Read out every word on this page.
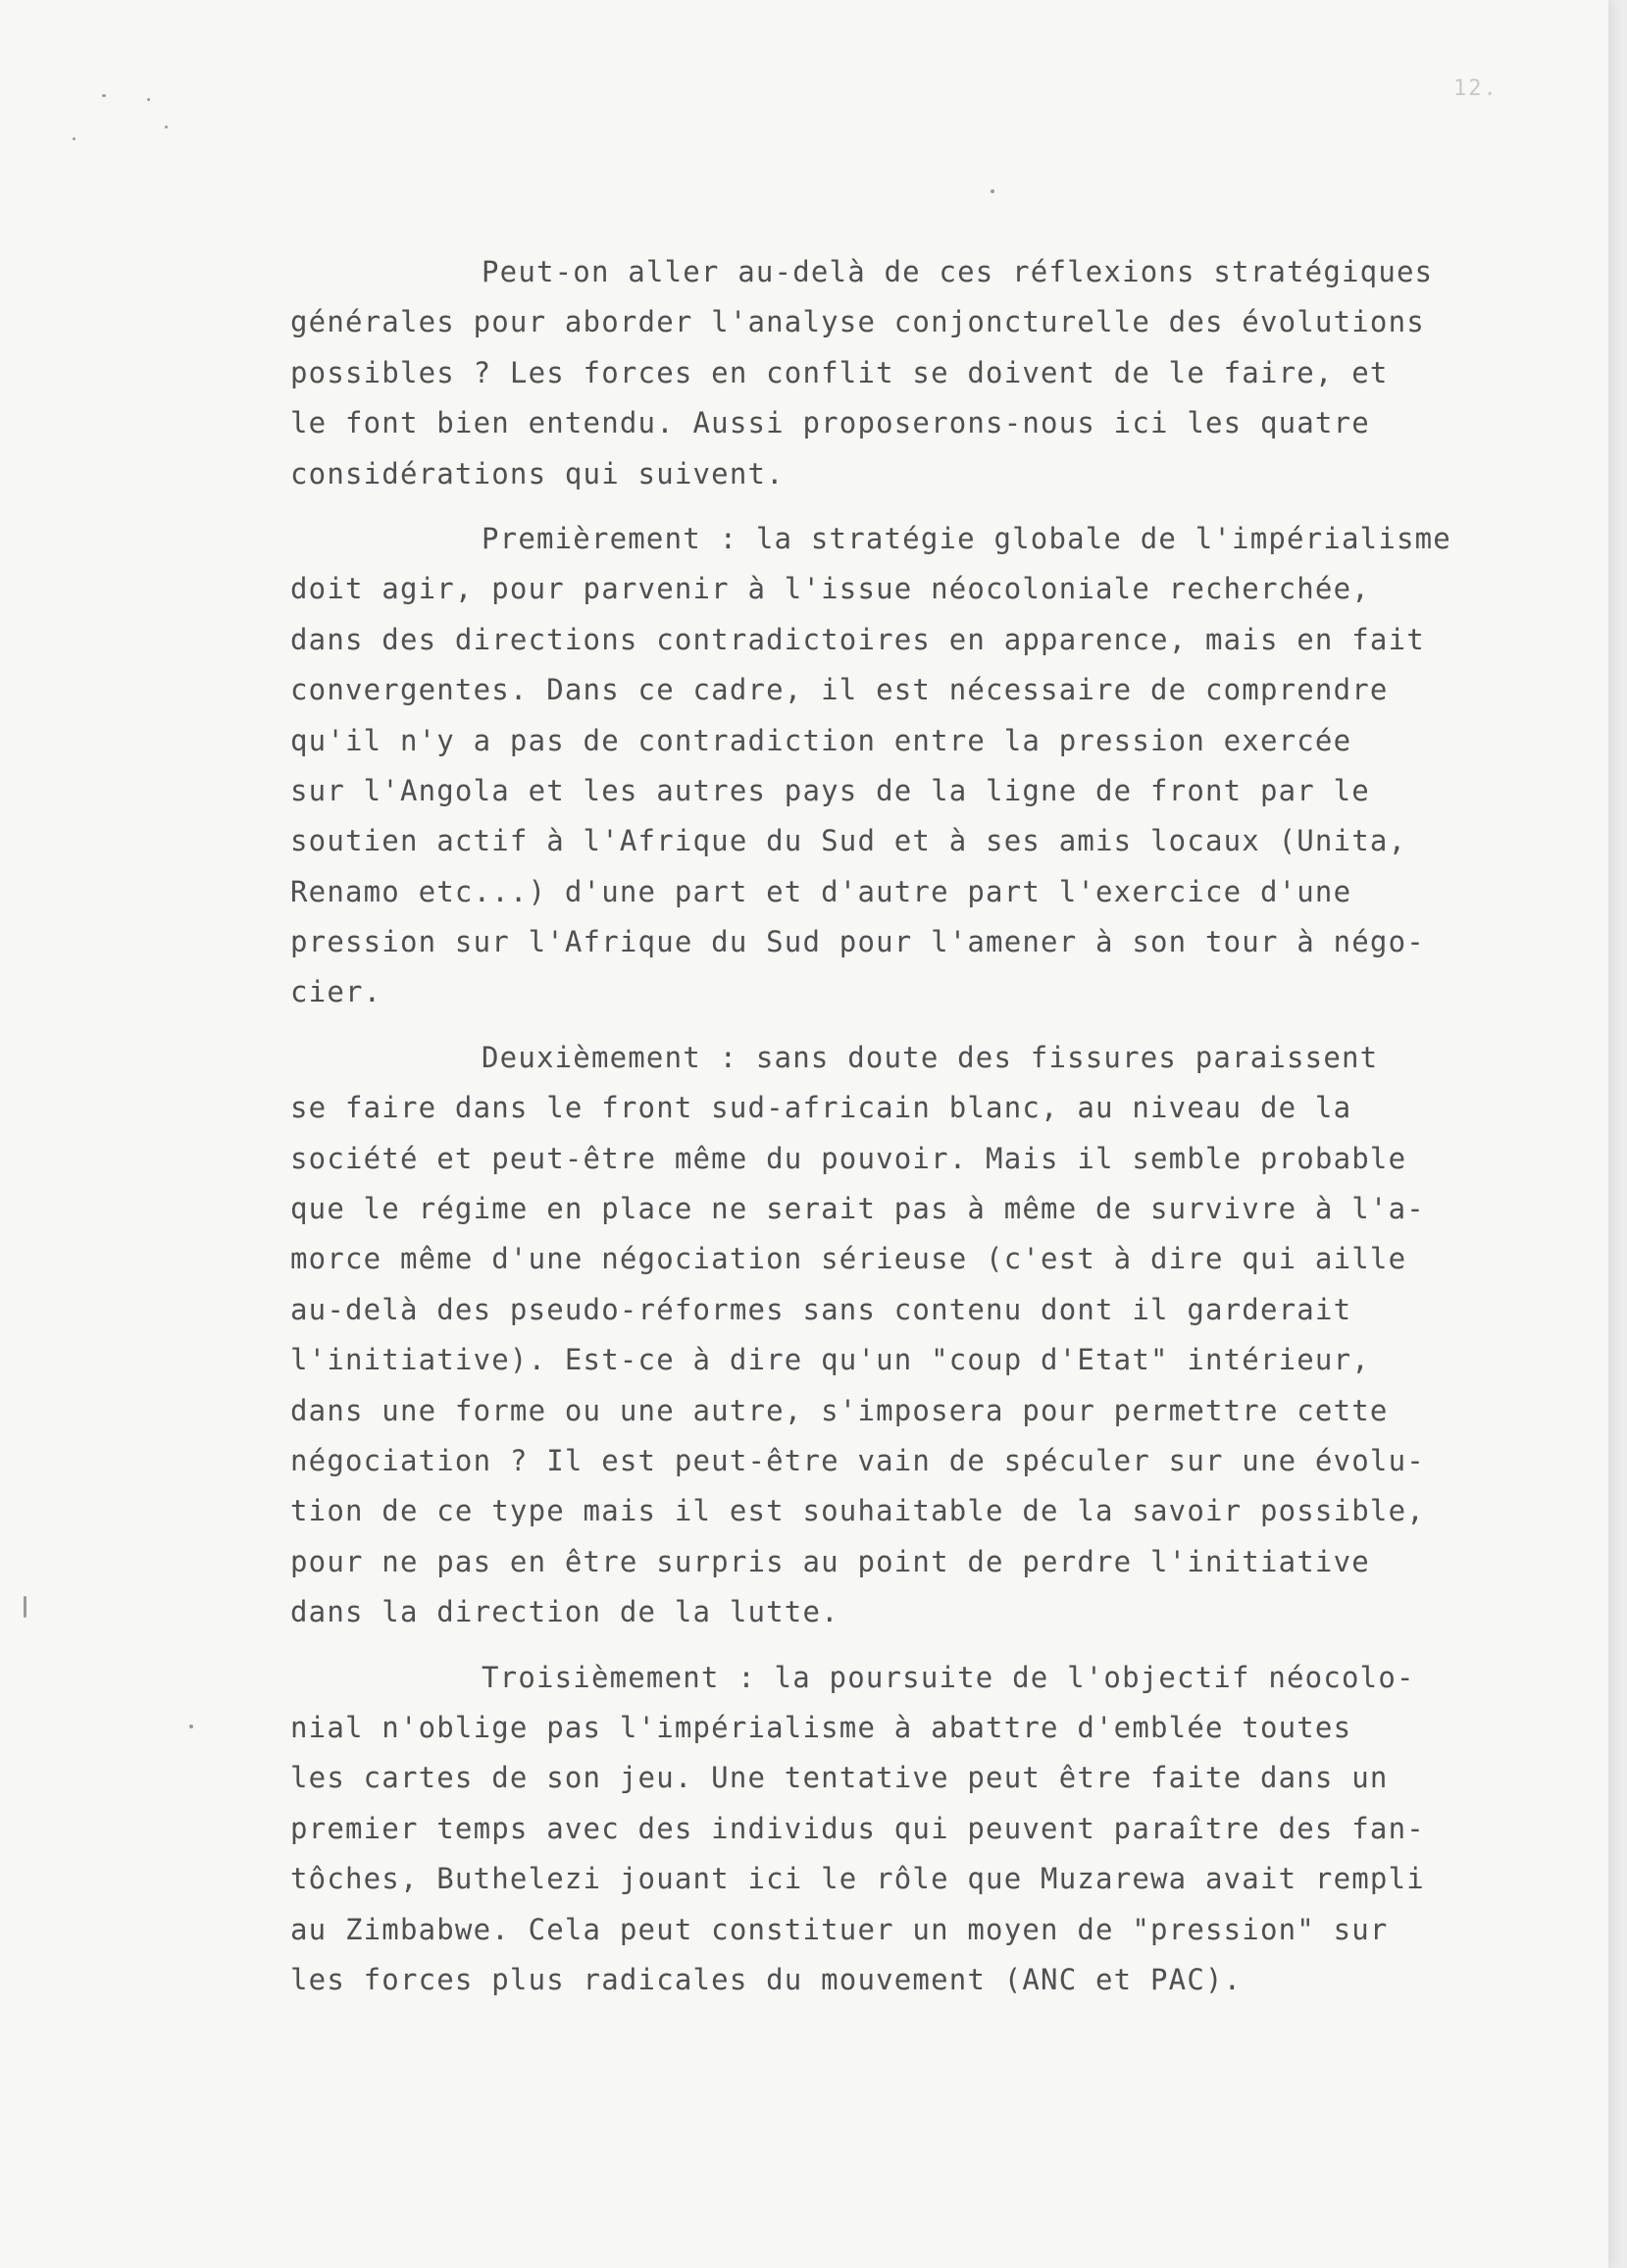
12.
Peut-on aller au-delà de ces réflexions stratégiques
générales pour aborder l'analyse conjoncturelle des évolutions
possibles ? Les forces en conflit se doivent de le faire, et
le font bien entendu. Aussi proposerons-nous ici les quatre
considérations qui suivent.
Premièrement : la stratégie globale de l'impérialisme
doit agir, pour parvenir à l'issue néocoloniale recherchée,
dans des directions contradictoires en apparence, mais en fait
convergentes. Dans ce cadre, il est nécessaire de comprendre
qu'il n'y a pas de contradiction entre la pression exercée
sur l'Angola et les autres pays de la ligne de front par le
soutien actif à l'Afrique du Sud et à ses amis locaux (Unita,
Renamo etc...) d'une part et d'autre part l'exercice d'une
pression sur l'Afrique du Sud pour l'amener à son tour à négo-
cier.
Deuxièmement : sans doute des fissures paraissent
se faire dans le front sud-africain blanc, au niveau de la
société et peut-être même du pouvoir. Mais il semble probable
que le régime en place ne serait pas à même de survivre à l'a-
morce même d'une négociation sérieuse (c'est à dire qui aille
au-delà des pseudo-réformes sans contenu dont il garderait
l'initiative). Est-ce à dire qu'un "coup d'Etat" intérieur,
dans une forme ou une autre, s'imposera pour permettre cette
négociation ? Il est peut-être vain de spéculer sur une évolu-
tion de ce type mais il est souhaitable de la savoir possible,
pour ne pas en être surpris au point de perdre l'initiative
dans la direction de la lutte.
Troisièmement : la poursuite de l'objectif néocolo-
nial n'oblige pas l'impérialisme à abattre d'emblée toutes
les cartes de son jeu. Une tentative peut être faite dans un
premier temps avec des individus qui peuvent paraître des fan-
tôches, Buthelezi jouant ici le rôle que Muzarewa avait rempli
au Zimbabwe. Cela peut constituer un moyen de "pression" sur
les forces plus radicales du mouvement (ANC et PAC).
